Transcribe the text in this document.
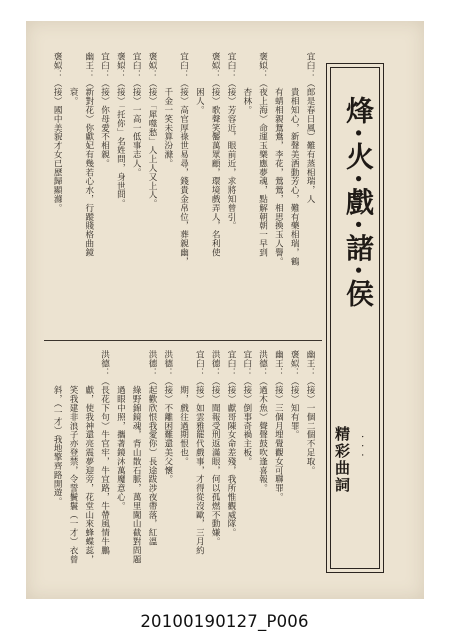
宜臼：（郎是春日風）難有蒸相瑞，人
　　　　貴相知心，新聲美酒動芳心，難有藥相瑞，鶴
　　　　有蜻相親鴛鴦，李花，鶯鶯，相思換玉人譽。
褒姒：（夜上海）命運玉樂應夢魂，點解朝朝一早到
　　　　杏林。
宜臼：（接）芳容近，眼前近，求將知曾引。
褒姒：（接）歌聲笑靨萬眾顧，環境戲弄人，名利使
　　　　困人。
宜臼：（接）高官厚祿世易尋，錢貴金帛位，葬親幽，
　　　　千金一笑未算汾滌。
褒姒：（接）「犀噬愁」人上人又上人。
宜臼：（接）一高一低事志人。
褒姒：（接）「托你」名姓問，身世問。
宜臼：（接）你母愛不相親。
幽王：（新對花）你獻妃有幾若心水，行蹤賤格曲鏡
　　　　衰。
褒姒：（接）國中美貌才女已歷歸顯滌。
幽王：（接）一個二個不足取。
褒姒：（接）知有罪。
幽王：（接）三個月埋覺觀女可聯罪。
洪德：（過木魚）聲聲鼓吹逢喜報。
宜臼：（接）倒事奇禍主板。
宜臼：（接）獻哥陳女命差殘，我所惟觀威隊。
洪德：（接）聞報受刑返滿眼，何以孤燃不動嫌。
宜臼：（接）如雲雅罷代戲事，才得從沒歐，三月約
　　　　期，戲往過期恨也。
洪德：（接）不離困難還美父懷。
洪德：（起歡欣恨我愛你）長途跋涉夜帶落，紅溫
　　　　綠野錦鏡魂，背山散石脈，萬里闖山截對問題
　　　　過眼中照，攜著鏡沐萬魔意心。
洪德：（長花下句）牛官牢，牛宜路，牛帶風情牛鵬
　　　　獻，使我神還亮震夢迎旁，花堂山來蜂蝶蕊，
　　　　笑我建非浪子亦登禁，令誓鬢鬟（一才）衣曾
　　　　斜，（一才）我地擎齊路開遊。
烽·火·戲·諸·侯
精彩曲詞 ···
20100190127_P006
